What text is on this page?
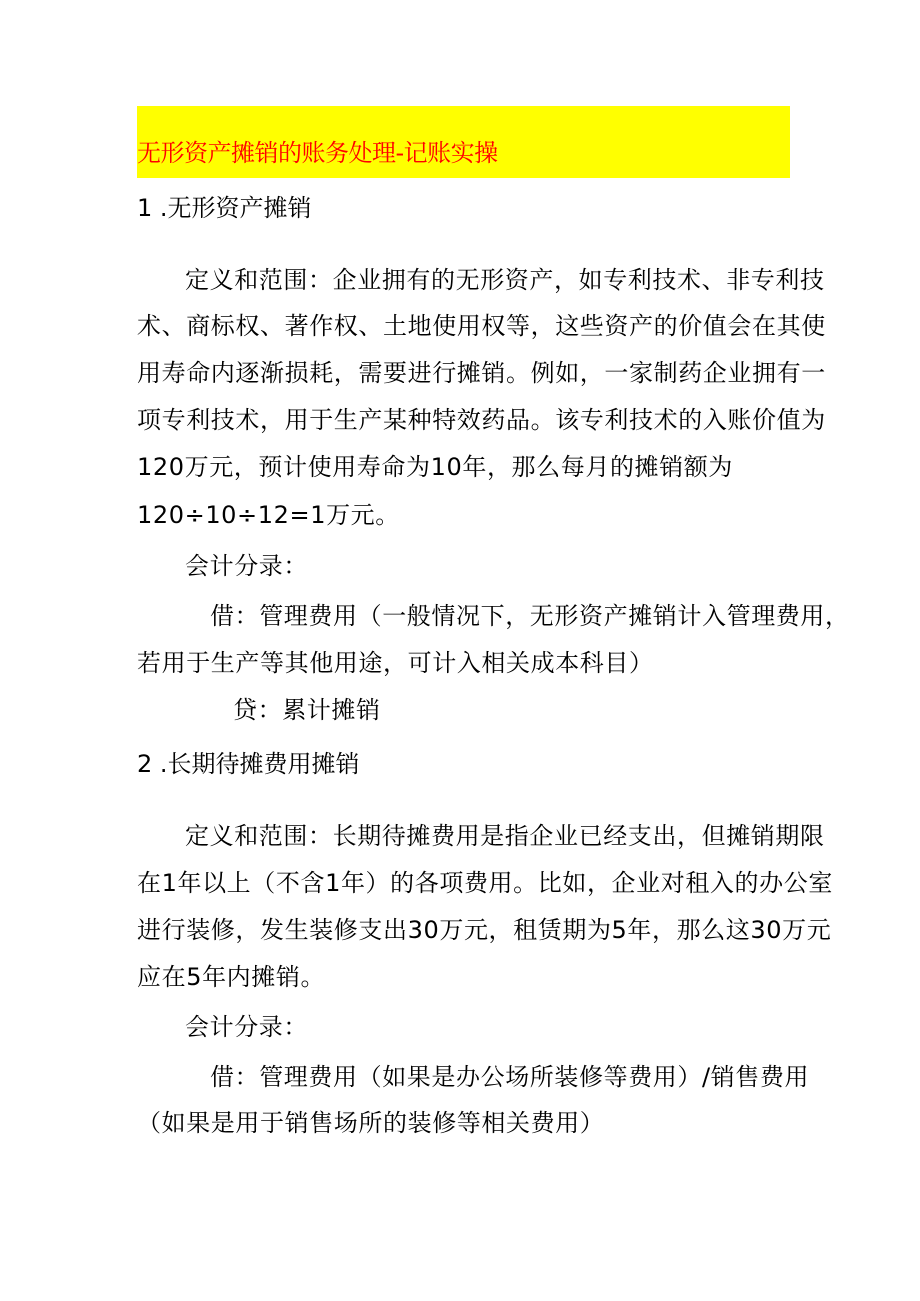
无形资产摊销的账务处理-记账实操
1 .无形资产摊销
定义和范围：企业拥有的无形资产，如专利技术、非专利技
术、商标权、著作权、土地使用权等，这些资产的价值会在其使
用寿命内逐渐损耗，需要进行摊销。例如，一家制药企业拥有一
项专利技术，用于生产某种特效药品。该专利技术的入账价值为
120万元，预计使用寿命为10年，那么每月的摊销额为
120÷10÷12=1万元。
会计分录：
借：管理费用（一般情况下，无形资产摊销计入管理费用，
若用于生产等其他用途，可计入相关成本科目）
贷：累计摊销
2 .长期待摊费用摊销
定义和范围：长期待摊费用是指企业已经支出，但摊销期限
在1年以上（不含1年）的各项费用。比如，企业对租入的办公室
进行装修，发生装修支出30万元，租赁期为5年，那么这30万元
应在5年内摊销。
会计分录：
借：管理费用（如果是办公场所装修等费用）/销售费用
（如果是用于销售场所的装修等相关费用）
